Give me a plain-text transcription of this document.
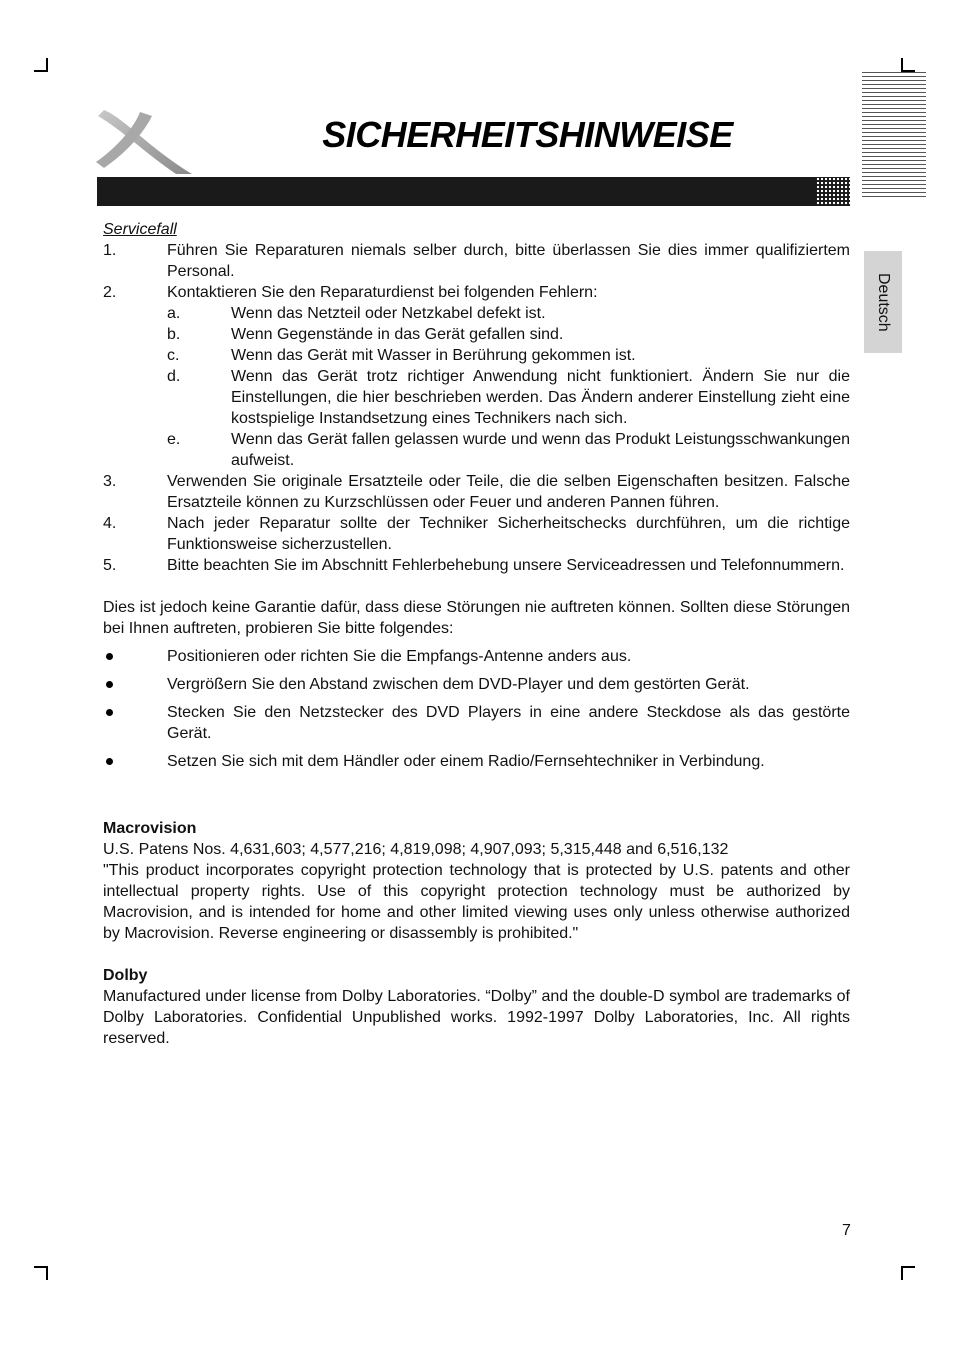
SICHERHEITSHINWEISE
Deutsch

Servicefall

1.	Führen Sie Reparaturen niemals selber durch, bitte überlassen Sie dies immer qualifiziertem Personal.
2.	Kontaktieren Sie den Reparaturdienst bei folgenden Fehlern:
a.	Wenn das Netzteil oder Netzkabel defekt ist.
b.	Wenn Gegenstände in das Gerät gefallen sind.
c.	Wenn das Gerät mit Wasser in Berührung gekommen ist.
d.	Wenn das Gerät trotz richtiger Anwendung nicht funktioniert. Ändern Sie nur die Einstellungen, die hier beschrieben werden. Das Ändern anderer Einstellung zieht eine kostspielige Instandsetzung eines Technikers nach sich.
e.	Wenn das Gerät fallen gelassen wurde und wenn das Produkt Leistungsschwankungen aufweist.
3.	Verwenden Sie originale Ersatzteile oder Teile, die die selben Eigenschaften besitzen. Falsche Ersatzteile können zu Kurzschlüssen oder Feuer und anderen Pannen führen.
4.	Nach jeder Reparatur sollte der Techniker Sicherheitschecks durchführen, um die richtige Funktionsweise sicherzustellen.
5.	Bitte beachten Sie im Abschnitt Fehlerbehebung unsere Serviceadressen und Telefonnummern.

Dies ist jedoch keine Garantie dafür, dass diese Störungen nie auftreten können. Sollten diese Störungen bei Ihnen auftreten, probieren Sie bitte folgendes:

Positionieren oder richten Sie die Empfangs-Antenne anders aus.
Vergrößern Sie den Abstand zwischen dem DVD-Player und dem gestörten Gerät.
Stecken Sie den Netzstecker des DVD Players in eine andere Steckdose als das gestörte Gerät.
Setzen Sie sich mit dem Händler oder einem Radio/Fernsehtechniker in Verbindung.

Macrovision

U.S. Patens Nos. 4,631,603; 4,577,216; 4,819,098; 4,907,093; 5,315,448 and 6,516,132

"This product incorporates copyright protection technology that is protected by U.S. patents and other intellectual property rights. Use of this copyright protection technology must be authorized by Macrovision, and is intended for home and other limited viewing uses only unless otherwise authorized by Macrovision. Reverse engineering or disassembly is prohibited."

Dolby

Manufactured under license from Dolby Laboratories. “Dolby” and the double-D symbol are trademarks of Dolby Laboratories. Confidential Unpublished works. 1992-1997 Dolby Laboratories, Inc. All rights reserved.

7
